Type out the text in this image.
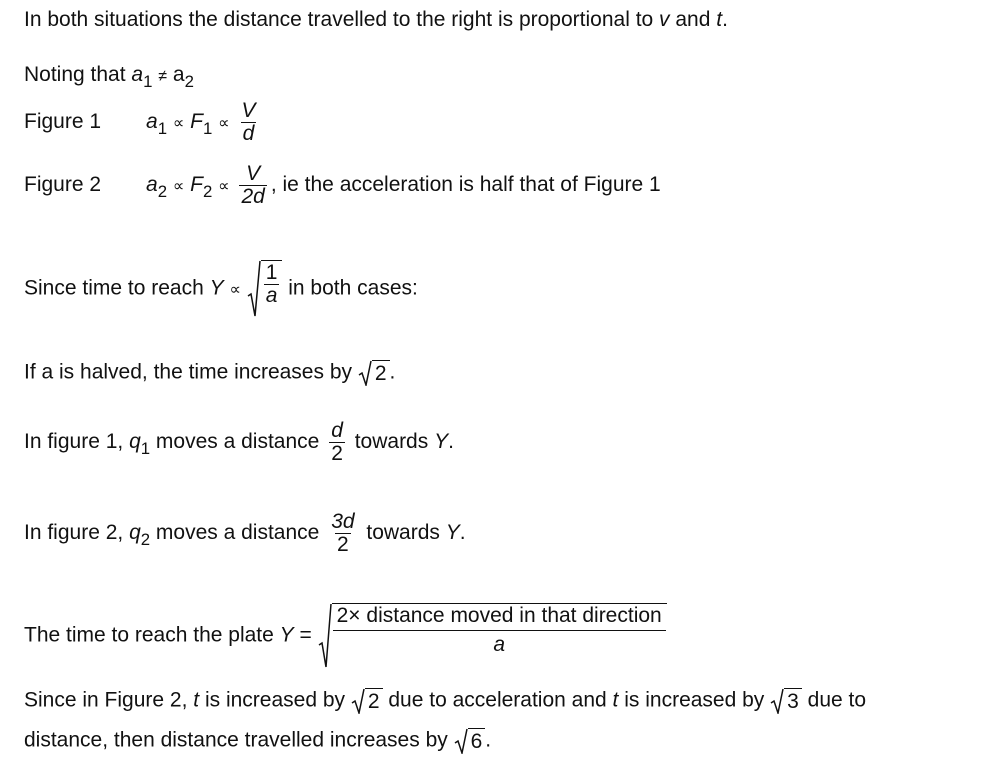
In both situations the distance travelled to the right is proportional to v and t.
Noting that $a_1 \ne a_2$
Figure 1 $a_1 \propto F_1 \propto \frac{V}{d}$
Figure 2 $a_2 \propto F_2 \propto \frac{V}{2d}$ , ie the acceleration is half that of Figure 1
Since time to reach $Y \propto \frac{1}{a}$ in both cases:
If a is halved, the time increases by 2 .
In figure 1, $q_1$ moves a distance $\frac{d}{2}$ towards Y.
In figure 2, $q_2$ moves a distance $\frac{3d}{2}$ towards Y.
The time to reach the plate $Y = \frac{\text{2× distance moved in that direction}}{a}$
Since in Figure 2, t is increased by 2 due to acceleration and t is increased by 3 due to
distance, then distance travelled increases by 6 .
